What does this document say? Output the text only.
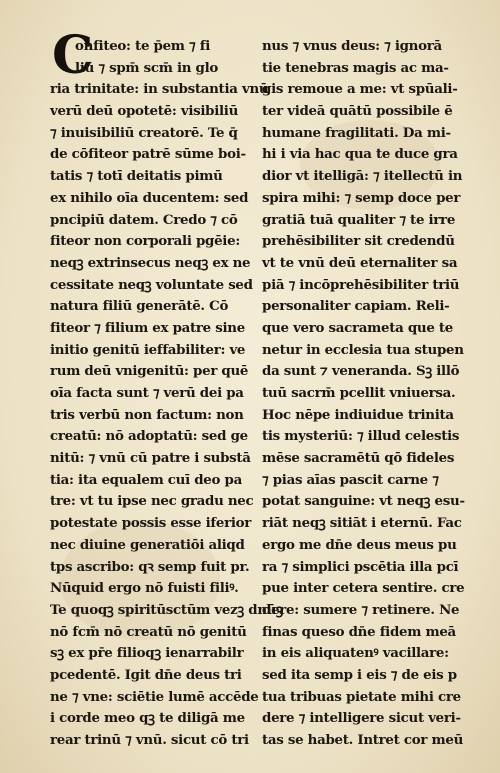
C
onfiteo: te p̄em ⁊ fi
liū ⁊ spm̄ scm̄ in glo
ria trinitate: in substantia vnū
verū deū opotetē: visibiliū
⁊ inuisibiliū creatorē. Te q̄
de cōfiteor patrē sūme boi-
tatis ⁊ totī deitatis pimū
ex nihilo oīa ducentem: sed
pncipiū datem. Credo ⁊ cō
fiteor non corporali pgēie:
neqꝫ extrinsecus neqꝫ ex ne
cessitate neqꝫ voluntate sed
natura filiū generātē. Cō
fiteor ⁊ filium ex patre sine
initio genitū ieffabiliter: ve
rum deū vnigenitū: per quē
oīa facta sunt ⁊ verū dei pa
tris verbū non factum: non
creatū: nō adoptatū: sed ge
nitū: ⁊ vnū cū patre i substā
tia: ita equalem cuī deo pa
tre: vt tu ipse nec gradu nec
potestate possis esse iferior
nec diuine generatiōi aliqd
tps ascribo: qꝛ semp fuit pr.
Nūquid ergo nō fuisti filiꝰ.
Te quoqꝫ spiritūsctūm vezꝫ dnūꝫ
nō fcm̄ nō creatū nō genitū
sꝫ ex pr̄e filioqꝫ ienarrabilr
pcedentē. Igit dn̄e deus tri
ne ⁊ vne: sciētie lumē accēde
i corde meo qꝫ te diligā me
rear trinū ⁊ vnū. sicut cō tri
nus ⁊ vnus deus: ⁊ ignorā
tie tenebras magis ac ma-
gis remoue a me: vt spūali-
ter videā quātū possibile ē
humane fragilitati. Da mi-
hi i via hac qua te duce gra
dior vt itelligā: ⁊ itellectū in
spira mihi: ⁊ semp doce per
gratiā tuā qualiter ⁊ te irre
prehēsibiliter sit credendū
vt te vnū deū eternaliter sa
piā ⁊ incōprehēsibiliter triū
personaliter capiam. Reli-
que vero sacrameta que te
netur in ecclesia tua stupen
da sunt ⁊ veneranda. Sꝫ illō
tuū sacrm̄ pcellit vniuersa.
Hoc nēpe indiuidue trinita
tis mysteriū: ⁊ illud celestis
mēse sacramētū qō fideles
⁊ pias aīas pascit carne ⁊
potat sanguine: vt neqꝫ esu-
riāt neqꝫ sitiāt i eternū. Fac
ergo me dn̄e deus meus pu
ra ⁊ simplici pscētia illa pcī
pue inter cetera sentire. cre
dere: sumere ⁊ retinere. Ne
finas queso dn̄e fidem meā
in eis aliquatenꝰ vacillare:
sed ita semp i eis ⁊ de eis p
tua tribuas pietate mihi cre
dere ⁊ intelligere sicut veri-
tas se habet. Intret cor meū
